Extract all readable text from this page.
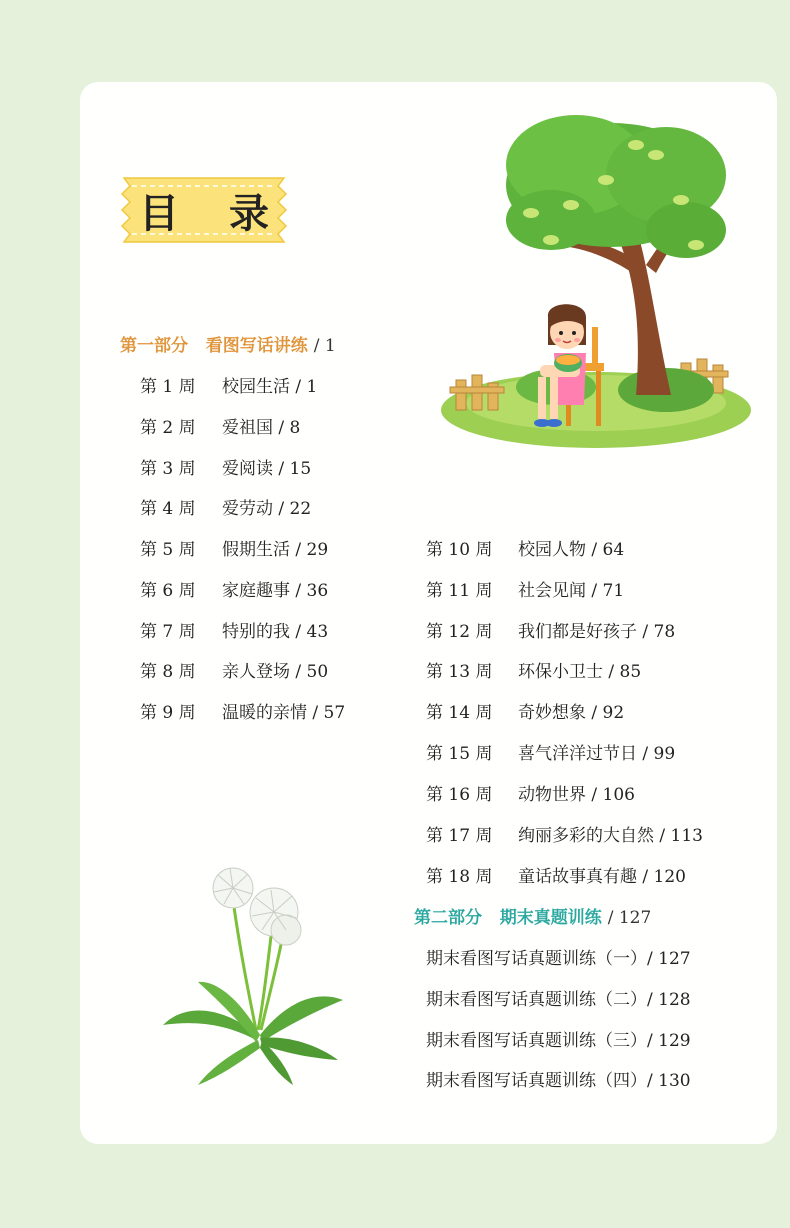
目 录
第一部分 看图写话讲练 / 1
第 1 周	校园生活 / 1
第 2 周	爱祖国 / 8
第 3 周	爱阅读 / 15
第 4 周	爱劳动 / 22
第 5 周	假期生活 / 29
第 6 周	家庭趣事 / 36
第 7 周	特别的我 / 43
第 8 周	亲人登场 / 50
第 9 周	温暖的亲情 / 57
第 10 周	校园人物 / 64
第 11 周	社会见闻 / 71
第 12 周	我们都是好孩子 / 78
第 13 周	环保小卫士 / 85
第 14 周	奇妙想象 / 92
第 15 周	喜气洋洋过节日 / 99
第 16 周	动物世界 / 106
第 17 周	绚丽多彩的大自然 / 113
第 18 周	童话故事真有趣 / 120
第二部分 期末真题训练 / 127
期末看图写话真题训练（一）/ 127
期末看图写话真题训练（二）/ 128
期末看图写话真题训练（三）/ 129
期末看图写话真题训练（四）/ 130
